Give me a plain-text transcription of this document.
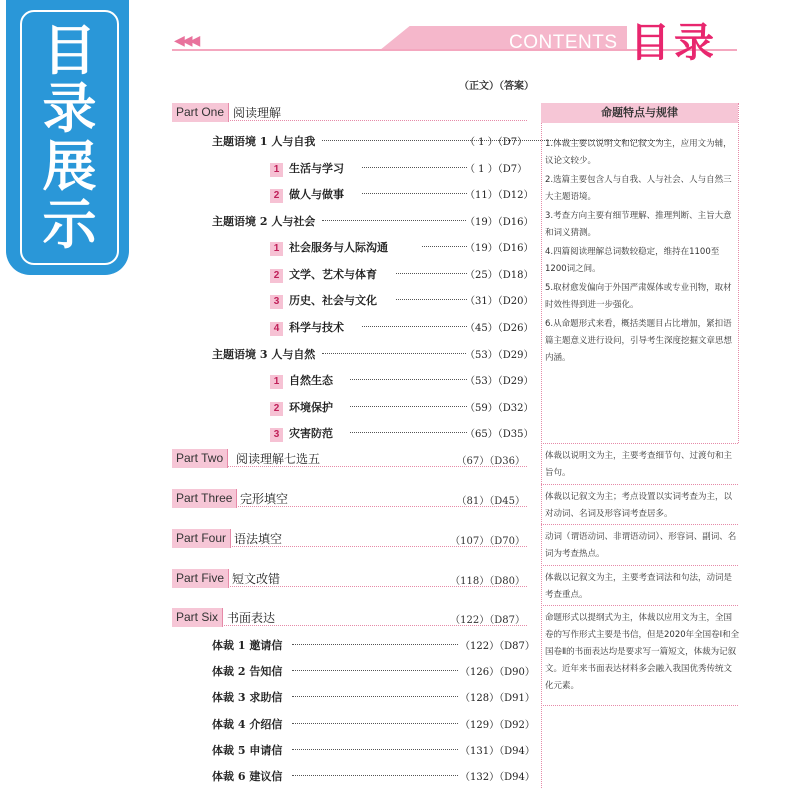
目
录
展
示
◀◀◀	CONTENTS 目录
（正文）（答案）
Part One 阅读理解
主题语境 1 人与自我	（ 1 ）（D7）
1 生活与学习	（ 1 ）（D7）
2 做人与做事	（11）（D12）
主题语境 2 人与社会	（19）（D16）
1 社会服务与人际沟通	（19）（D16）
2 文学、艺术与体育	（25）（D18）
3 历史、社会与文化	（31）（D20）
4 科学与技术	（45）（D26）
主题语境 3 人与自然	（53）（D29）
1 自然生态	（53）（D29）
2 环境保护	（59）（D32）
3 灾害防范	（65）（D35）
Part Two	阅读理解七选五	（67）（D36）
Part Three 完形填空	（81）（D45）
Part Four 语法填空	（107）（D70）
Part Five 短文改错	（118）（D80）
Part Six 书面表达	（122）（D87）
体裁 1 邀请信	（122）（D87）
体裁 2 告知信	（126）（D90）
体裁 3 求助信	（128）（D91）
体裁 4 介绍信	（129）（D92）
体裁 5 申请信	（131）（D94）
体裁 6 建议信	（132）（D94）
命题特点与规律

1.体裁主要以说明文和记叙文为主，应用文为辅，议论文较少。

2.选篇主要包含人与自我、人与社会、人与自然三大主题语境。

3.考查方向主要有细节理解、推理判断、主旨大意和词义猜测。

4.四篇阅读理解总词数较稳定，维持在1100至1200词之间。

5.取材愈发偏向于外国严肃媒体或专业刊物，取材时效性得到进一步强化。

6.从命题形式来看，概括类题目占比增加，紧扣语篇主题意义进行设问，引导考生深度挖掘文章思想内涵。

体裁以说明文为主，主要考查细节句、过渡句和主旨句。
体裁以记叙文为主；考点设置以实词考查为主，以对动词、名词及形容词考查居多。
动词（谓语动词、非谓语动词）、形容词、副词、名词为考查热点。
体裁以记叙文为主，主要考查词法和句法，动词是考查重点。
命题形式以提纲式为主，体裁以应用文为主，全国卷的写作形式主要是书信，但是2020年全国卷Ⅰ和全国卷Ⅱ的书面表达均是要求写一篇短文，体裁为记叙文。近年来书面表达材料多会融入我国优秀传统文化元素。
